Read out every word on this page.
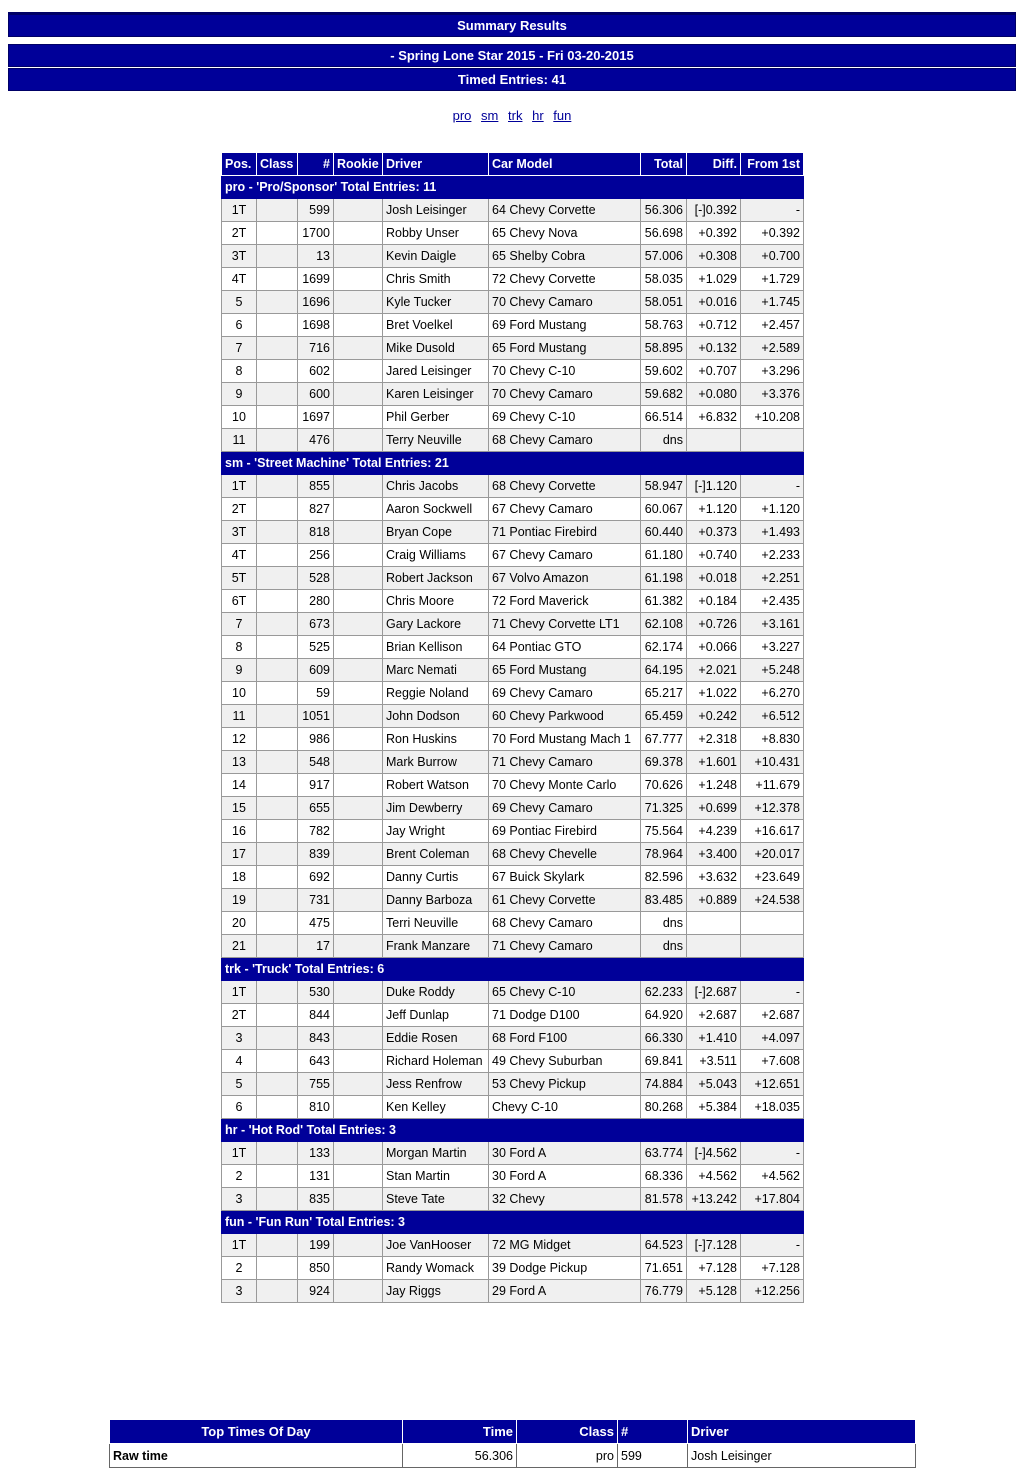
Summary Results
- Spring Lone Star 2015 - Fri 03-20-2015
Timed Entries: 41
pro sm trk hr fun
Pos.	Class	#	Rookie	Driver	Car Model	Total	Diff.	From 1st
pro - 'Pro/Sponsor' Total Entries: 11								
1T		599		Josh Leisinger	64 Chevy Corvette	56.306	[-]0.392	-
2T		1700		Robby Unser	65 Chevy Nova	56.698	+0.392	+0.392
3T		13		Kevin Daigle	65 Shelby Cobra	57.006	+0.308	+0.700
4T		1699		Chris Smith	72 Chevy Corvette	58.035	+1.029	+1.729
5		1696		Kyle Tucker	70 Chevy Camaro	58.051	+0.016	+1.745
6		1698		Bret Voelkel	69 Ford Mustang	58.763	+0.712	+2.457
7		716		Mike Dusold	65 Ford Mustang	58.895	+0.132	+2.589
8		602		Jared Leisinger	70 Chevy C-10	59.602	+0.707	+3.296
9		600		Karen Leisinger	70 Chevy Camaro	59.682	+0.080	+3.376
10		1697		Phil Gerber	69 Chevy C-10	66.514	+6.832	+10.208
11		476		Terry Neuville	68 Chevy Camaro	dns		
sm - 'Street Machine' Total Entries: 21								
1T		855		Chris Jacobs	68 Chevy Corvette	58.947	[-]1.120	-
2T		827		Aaron Sockwell	67 Chevy Camaro	60.067	+1.120	+1.120
3T		818		Bryan Cope	71 Pontiac Firebird	60.440	+0.373	+1.493
4T		256		Craig Williams	67 Chevy Camaro	61.180	+0.740	+2.233
5T		528		Robert Jackson	67 Volvo Amazon	61.198	+0.018	+2.251
6T		280		Chris Moore	72 Ford Maverick	61.382	+0.184	+2.435
7		673		Gary Lackore	71 Chevy Corvette LT1	62.108	+0.726	+3.161
8		525		Brian Kellison	64 Pontiac GTO	62.174	+0.066	+3.227
9		609		Marc Nemati	65 Ford Mustang	64.195	+2.021	+5.248
10		59		Reggie Noland	69 Chevy Camaro	65.217	+1.022	+6.270
11		1051		John Dodson	60 Chevy Parkwood	65.459	+0.242	+6.512
12		986		Ron Huskins	70 Ford Mustang Mach 1	67.777	+2.318	+8.830
13		548		Mark Burrow	71 Chevy Camaro	69.378	+1.601	+10.431
14		917		Robert Watson	70 Chevy Monte Carlo	70.626	+1.248	+11.679
15		655		Jim Dewberry	69 Chevy Camaro	71.325	+0.699	+12.378
16		782		Jay Wright	69 Pontiac Firebird	75.564	+4.239	+16.617
17		839		Brent Coleman	68 Chevy Chevelle	78.964	+3.400	+20.017
18		692		Danny Curtis	67 Buick Skylark	82.596	+3.632	+23.649
19		731		Danny Barboza	61 Chevy Corvette	83.485	+0.889	+24.538
20		475		Terri Neuville	68 Chevy Camaro	dns		
21		17		Frank Manzare	71 Chevy Camaro	dns		
trk - 'Truck' Total Entries: 6								
1T		530		Duke Roddy	65 Chevy C-10	62.233	[-]2.687	-
2T		844		Jeff Dunlap	71 Dodge D100	64.920	+2.687	+2.687
3		843		Eddie Rosen	68 Ford F100	66.330	+1.410	+4.097
4		643		Richard Holeman	49 Chevy Suburban	69.841	+3.511	+7.608
5		755		Jess Renfrow	53 Chevy Pickup	74.884	+5.043	+12.651
6		810		Ken Kelley	Chevy C-10	80.268	+5.384	+18.035
hr - 'Hot Rod' Total Entries: 3								
1T		133		Morgan Martin	30 Ford A	63.774	[-]4.562	-
2		131		Stan Martin	30 Ford A	68.336	+4.562	+4.562
3		835		Steve Tate	32 Chevy	81.578	+13.242	+17.804
fun - 'Fun Run' Total Entries: 3								
1T		199		Joe VanHooser	72 MG Midget	64.523	[-]7.128	-
2		850		Randy Womack	39 Dodge Pickup	71.651	+7.128	+7.128
3		924		Jay Riggs	29 Ford A	76.779	+5.128	+12.256
Top Times Of Day	Time	Class	#	Driver
Raw time	56.306	pro	599	Josh Leisinger
